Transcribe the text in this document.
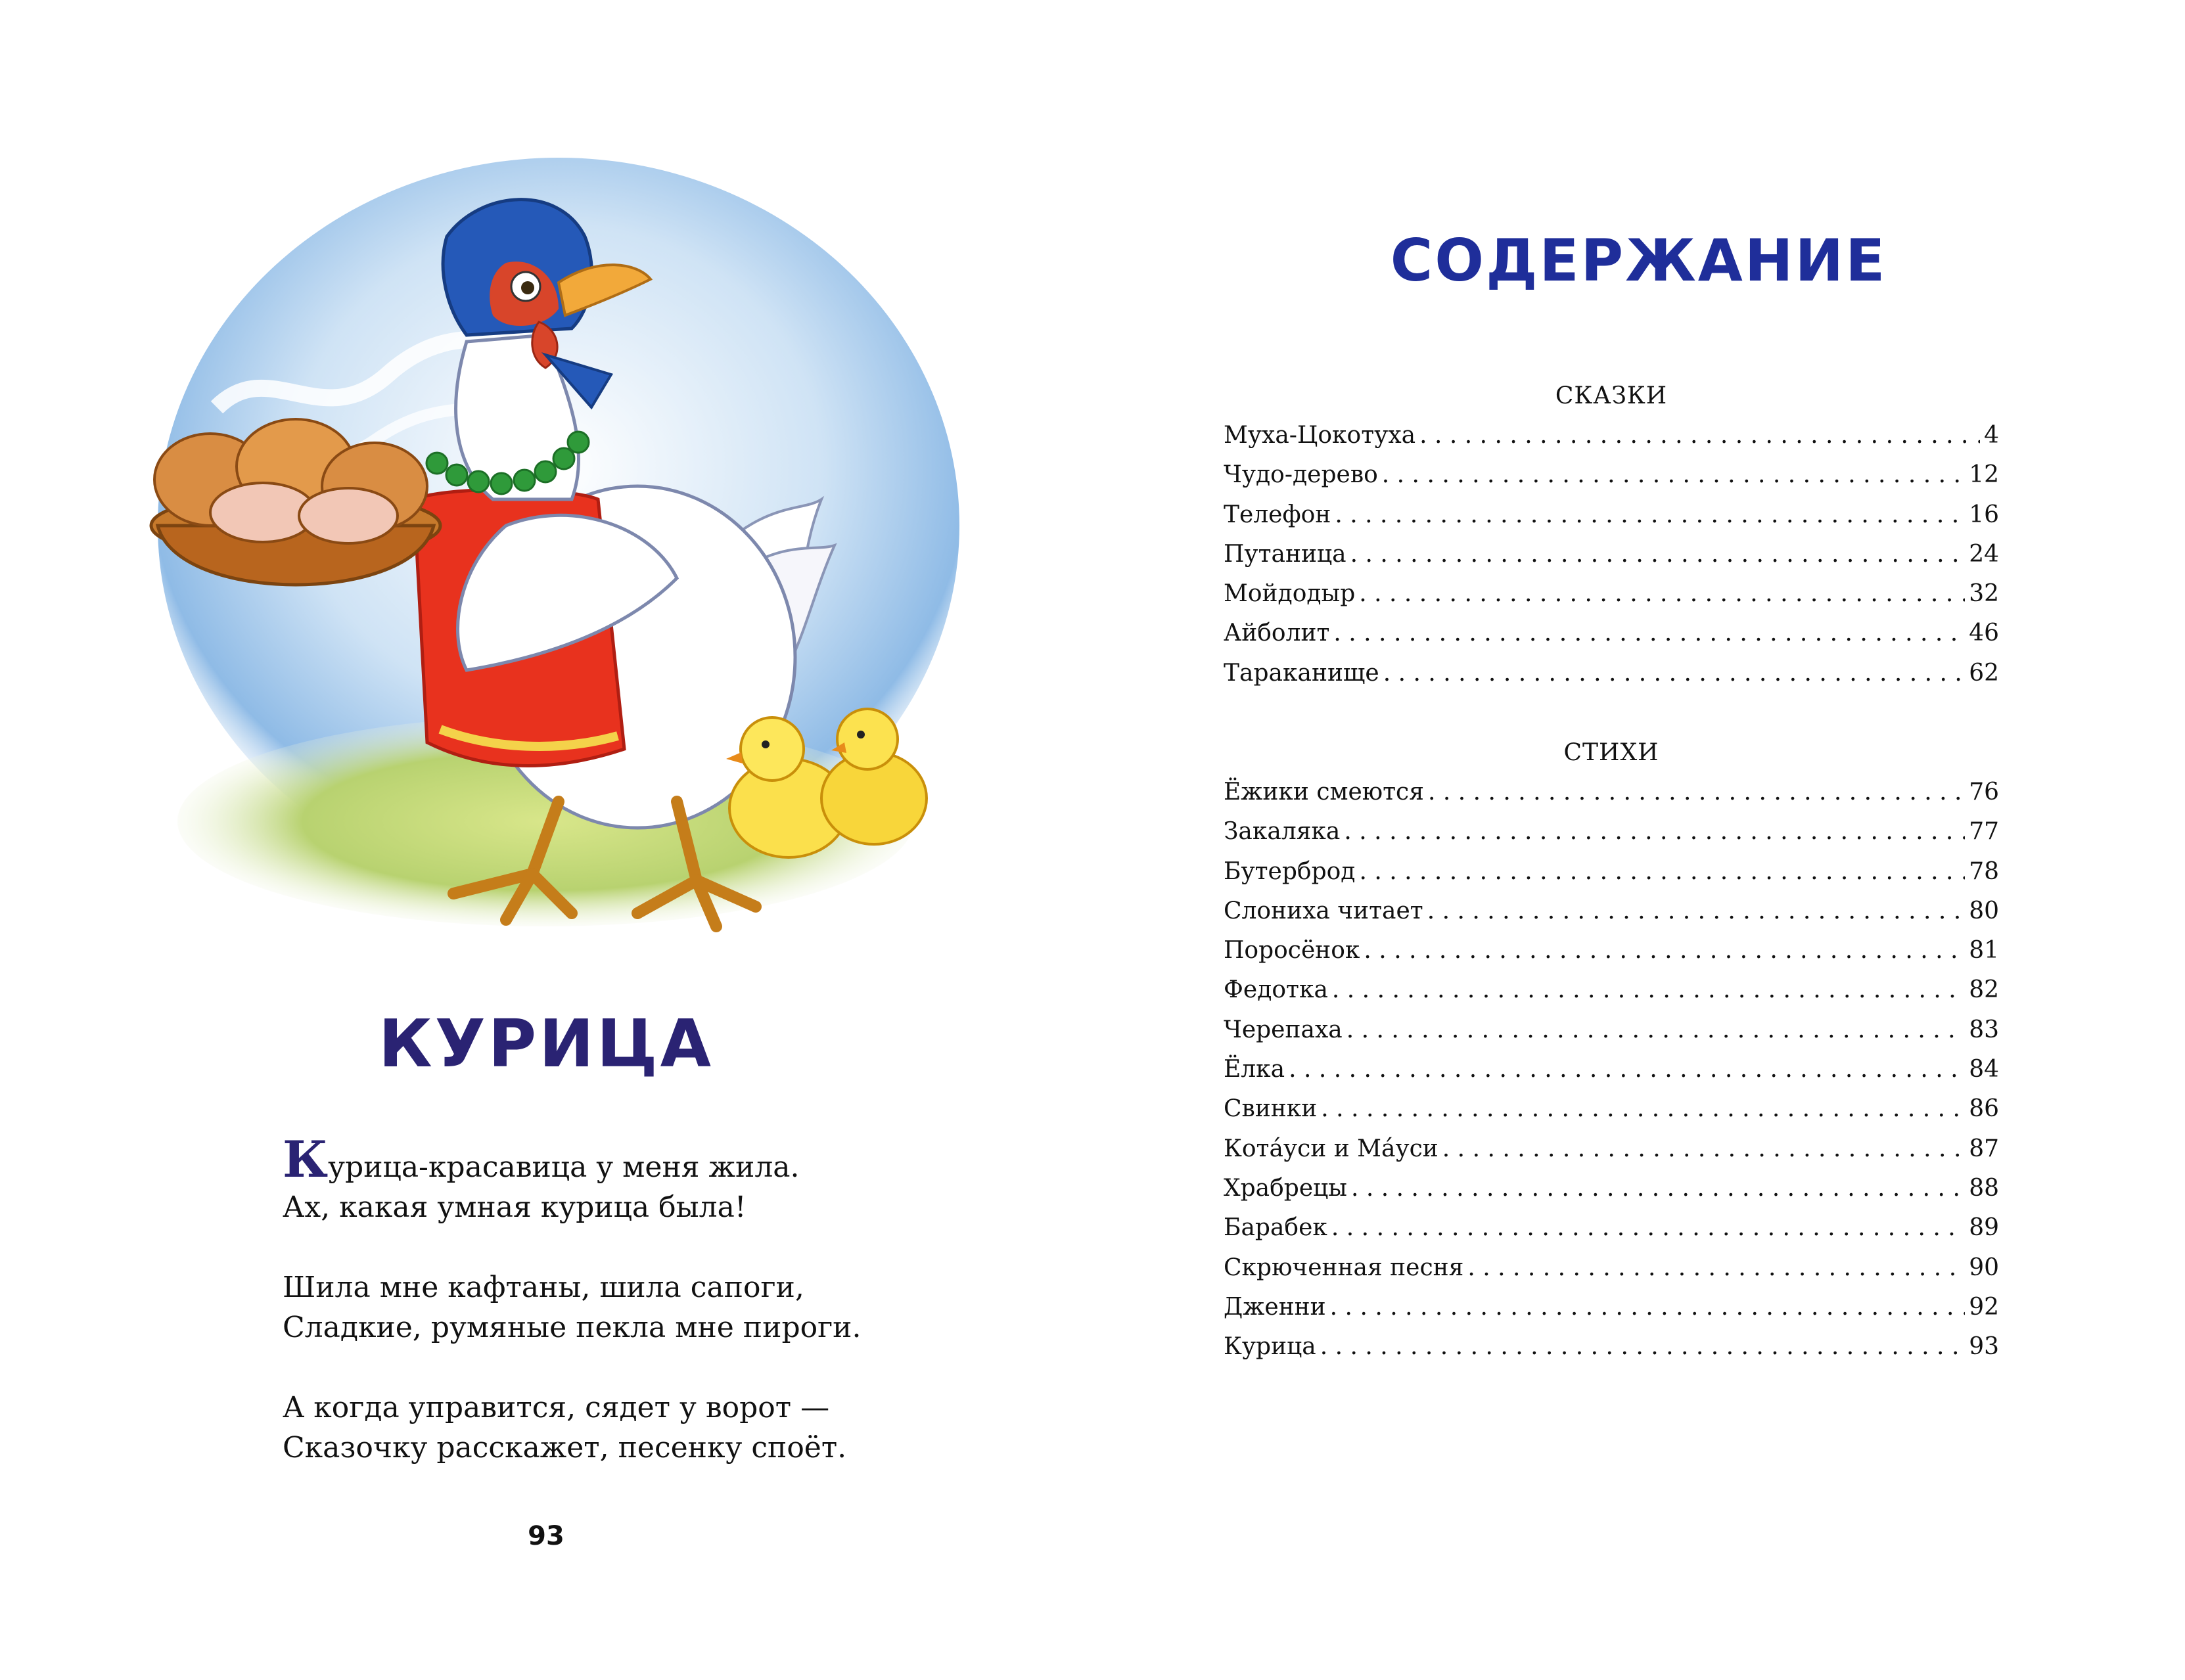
КУРИЦА
Курица-красавица у меня жила.
Ах, какая умная курица была!
Шила мне кафтаны, шила сапоги,
Сладкие, румяные пекла мне пироги.
А когда управится, сядет у ворот —
Сказочку расскажет, песенку споёт.
93
СОДЕРЖАНИЕ
СКАЗКИ
Муха-Цокотуха . . .	4
Чудо-дерево . . .	12
Телефон . . .	16
Путаница . . .	24
Мойдодыр . . .	32
Айболит . . .	46
Тараканище . . .	62
СТИХИ
Ёжики смеются . . .	76
Закаляка . . .	77
Бутерброд . . .	78
Слониха читает . . .	80
Поросёнок . . .	81
Федотка . . .	82
Черепаха . . .	83
Ёлка . . .	84
Свинки . . .	86
Кота́уси и Ма́уси . . .	87
Храбрецы . . .	88
Барабек . . .	89
Скрюченная песня . . .	90
Дженни . . .	92
Курица . . .	93
